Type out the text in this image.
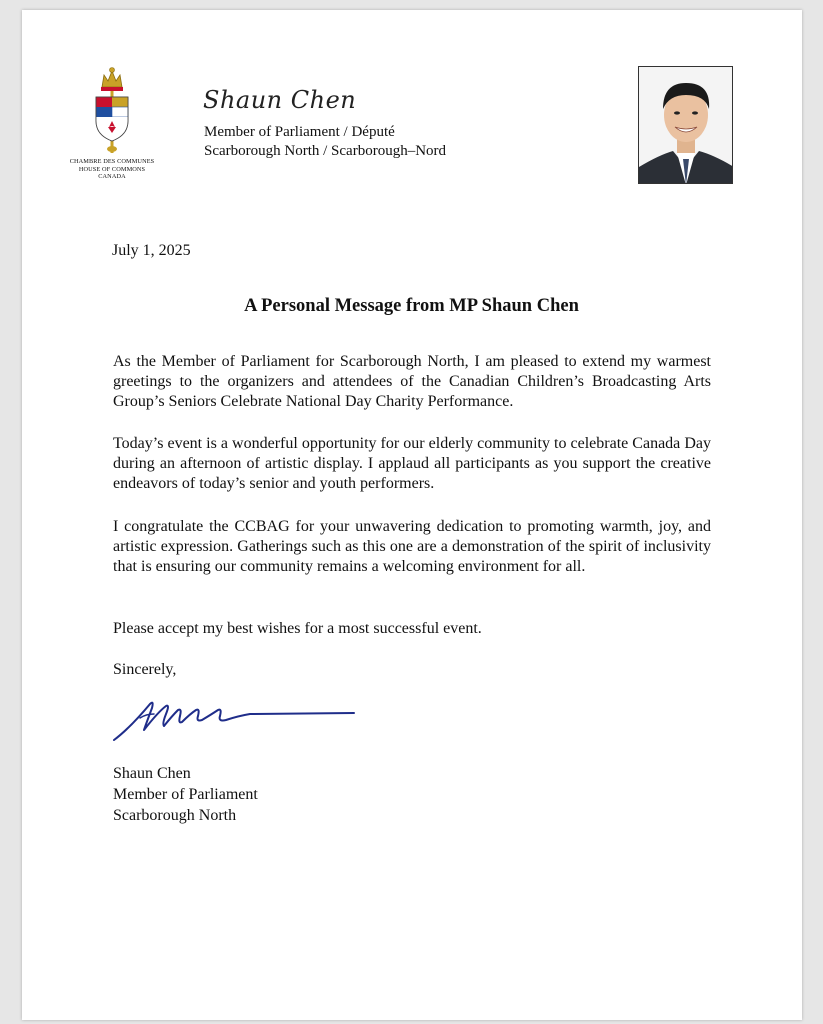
CHAMBRE DES COMMUNES
HOUSE OF COMMONS
CANADA
Shaun Chen
Member of Parliament / Député
Scarborough North / Scarborough–Nord
July 1, 2025
A Personal Message from MP Shaun Chen
As the Member of Parliament for Scarborough North, I am pleased to extend my warmest greetings to the organizers and attendees of the Canadian Children’s Broadcasting Arts Group’s Seniors Celebrate National Day Charity Performance.
Today’s event is a wonderful opportunity for our elderly community to celebrate Canada Day during an afternoon of artistic display. I applaud all participants as you support the creative endeavors of today’s senior and youth performers.
I congratulate the CCBAG for your unwavering dedication to promoting warmth, joy, and artistic expression. Gatherings such as this one are a demonstration of the spirit of inclusivity that is ensuring our community remains a welcoming environment for all.
Please accept my best wishes for a most successful event.
Sincerely,
Shaun Chen
Member of Parliament
Scarborough North
